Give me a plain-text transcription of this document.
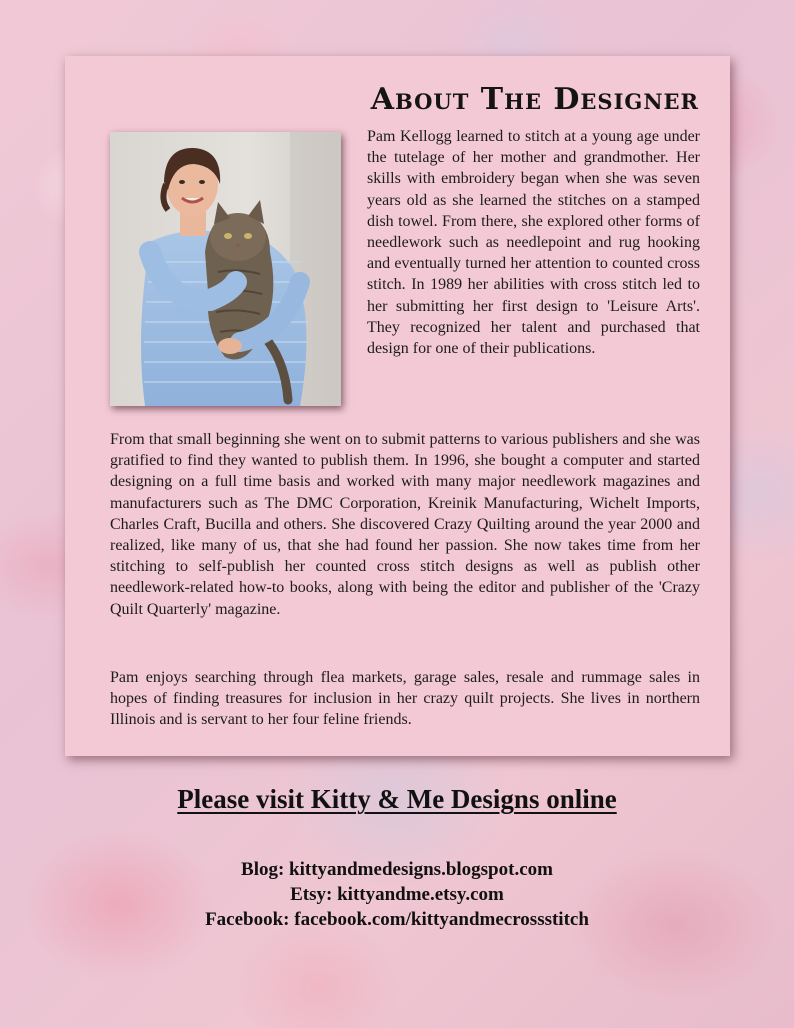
About The Designer

Pam Kellogg learned to stitch at a young age under the tutelage of her mother and grandmother. Her skills with embroidery began when she was seven years old as she learned the stitches on a stamped dish towel. From there, she explored other forms of needlework such as needlepoint and rug hooking and eventually turned her attention to counted cross stitch. In 1989 her abilities with cross stitch led to her submitting her first design to 'Leisure Arts'. They recognized her talent and purchased that design for one of their publications.

From that small beginning she went on to submit patterns to various publishers and she was gratified to find they wanted to publish them. In 1996, she bought a computer and started designing on a full time basis and worked with many major needlework magazines and manufacturers such as The DMC Corporation, Kreinik Manufacturing, Wichelt Imports, Charles Craft, Bucilla and others. She discovered Crazy Quilting around the year 2000 and realized, like many of us, that she had found her passion. She now takes time from her stitching to self-publish her counted cross stitch designs as well as publish other needlework-related how-to books, along with being the editor and publisher of the 'Crazy Quilt Quarterly' magazine.

Pam enjoys searching through flea markets, garage sales, resale and rummage sales in hopes of finding treasures for inclusion in her crazy quilt projects. She lives in northern Illinois and is servant to her four feline friends.

Please visit Kitty & Me Designs online
Blog: kittyandmedesigns.blogspot.com
Etsy: kittyandme.etsy.com
Facebook: facebook.com/kittyandmecrossstitch
